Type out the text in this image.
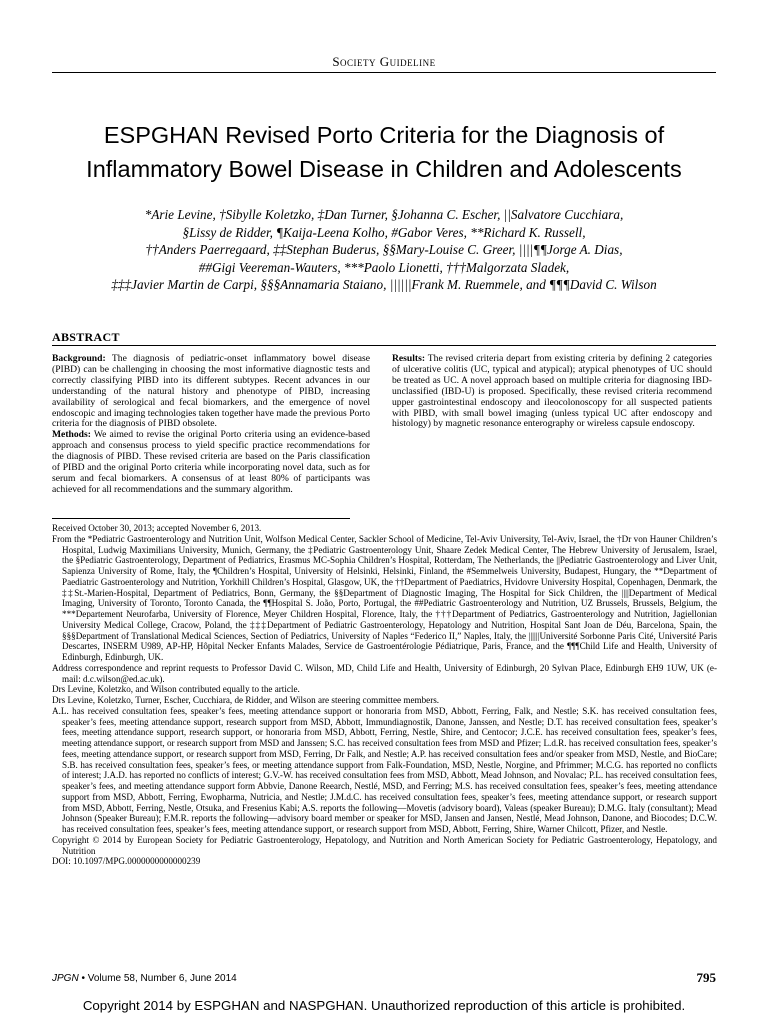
Society Guideline
ESPGHAN Revised Porto Criteria for the Diagnosis of Inflammatory Bowel Disease in Children and Adolescents
*Arie Levine, †Sibylle Koletzko, ‡Dan Turner, §Johanna C. Escher, ||Salvatore Cucchiara,
§Lissy de Ridder, ¶Kaija-Leena Kolho, #Gabor Veres, **Richard K. Russell,
††Anders Paerregaard, ‡‡Stephan Buderus, §§Mary-Louise C. Greer, ||||¶¶Jorge A. Dias,
##Gigi Veereman-Wauters, ***Paolo Lionetti, †††Malgorzata Sladek,
‡‡‡Javier Martin de Carpi, §§§Annamaria Staiano, ||||||Frank M. Ruemmele, and ¶¶¶David C. Wilson
ABSTRACT

Background: The diagnosis of pediatric-onset inflammatory bowel disease (PIBD) can be challenging in choosing the most informative diagnostic tests and correctly classifying PIBD into its different subtypes. Recent advances in our understanding of the natural history and phenotype of PIBD, increasing availability of serological and fecal biomarkers, and the emergence of novel endoscopic and imaging technologies taken together have made the previous Porto criteria for the diagnosis of PIBD obsolete.

Methods: We aimed to revise the original Porto criteria using an evidence-based approach and consensus process to yield specific practice recommendations for the diagnosis of PIBD. These revised criteria are based on the Paris classification of PIBD and the original Porto criteria while incorporating novel data, such as for serum and fecal biomarkers. A consensus of at least 80% of participants was achieved for all recommendations and the summary algorithm.

Results: The revised criteria depart from existing criteria by defining 2 categories of ulcerative colitis (UC, typical and atypical); atypical phenotypes of UC should be treated as UC. A novel approach based on multiple criteria for diagnosing IBD-unclassified (IBD-U) is proposed. Specifically, these revised criteria recommend upper gastrointestinal endoscopy and ileocolonoscopy for all suspected patients with PIBD, with small bowel imaging (unless typical UC after endoscopy and histology) by magnetic resonance enterography or wireless capsule endoscopy.

Received October 30, 2013; accepted November 6, 2013.

From the *Pediatric Gastroenterology and Nutrition Unit, Wolfson Medical Center, Sackler School of Medicine, Tel-Aviv University, Tel-Aviv, Israel, the †Dr von Hauner Children’s Hospital, Ludwig Maximilians University, Munich, Germany, the ‡Pediatric Gastroenterology Unit, Shaare Zedek Medical Center, The Hebrew University of Jerusalem, Israel, the §Pediatric Gastroenterology, Department of Pediatrics, Erasmus MC-Sophia Children’s Hospital, Rotterdam, The Netherlands, the ||Pediatric Gastroenterology and Liver Unit, Sapienza University of Rome, Italy, the ¶Children’s Hospital, University of Helsinki, Helsinki, Finland, the #Semmelweis University, Budapest, Hungary, the **Department of Paediatric Gastroenterology and Nutrition, Yorkhill Children’s Hospital, Glasgow, UK, the ††Department of Paediatrics, Hvidovre University Hospital, Copenhagen, Denmark, the ‡‡St.-Marien-Hospital, Department of Pediatrics, Bonn, Germany, the §§Department of Diagnostic Imaging, The Hospital for Sick Children, the ||||Department of Medical Imaging, University of Toronto, Toronto Canada, the ¶¶Hospital S. João, Porto, Portugal, the ##Pediatric Gastroenterology and Nutrition, UZ Brussels, Brussels, Belgium, the ***Departement Neurofarba, University of Florence, Meyer Children Hospital, Florence, Italy, the †††Department of Pediatrics, Gastroenterology and Nutrition, Jagiellonian University Medical College, Cracow, Poland, the ‡‡‡Department of Pediatric Gastroenterology, Hepatology and Nutrition, Hospital Sant Joan de Déu, Barcelona, Spain, the §§§Department of Translational Medical Sciences, Section of Pediatrics, University of Naples “Federico II,” Naples, Italy, the ||||||Université Sorbonne Paris Cité, Université Paris Descartes, INSERM U989, AP-HP, Hôpital Necker Enfants Malades, Service de Gastroentérologie Pédiatrique, Paris, France, and the ¶¶¶Child Life and Health, University of Edinburgh, Edinburgh, UK.

Address correspondence and reprint requests to Professor David C. Wilson, MD, Child Life and Health, University of Edinburgh, 20 Sylvan Place, Edinburgh EH9 1UW, UK (e-mail: d.c.wilson@ed.ac.uk).

Drs Levine, Koletzko, and Wilson contributed equally to the article.

Drs Levine, Koletzko, Turner, Escher, Cucchiara, de Ridder, and Wilson are steering committee members.

A.L. has received consultation fees, speaker’s fees, meeting attendance support or honoraria from MSD, Abbott, Ferring, Falk, and Nestle; S.K. has received consultation fees, speaker’s fees, meeting attendance support, research support from MSD, Abbott, Immundiagnostik, Danone, Janssen, and Nestle; D.T. has received consultation fees, speaker’s fees, meeting attendance support, research support, or honoraria from MSD, Abbott, Ferring, Nestle, Shire, and Centocor; J.C.E. has received consultation fees, speaker’s fees, meeting attendance support, or research support from MSD and Janssen; S.C. has received consultation fees from MSD and Pfizer; L.d.R. has received consultation fees, speaker’s fees, meeting attendance support, or research support from MSD, Ferring, Dr Falk, and Nestle; A.P. has received consultation fees and/or speaker from MSD, Nestle, and BioCare; S.B. has received consultation fees, speaker’s fees, or meeting attendance support from Falk-Foundation, MSD, Nestle, Norgine, and Pfrimmer; M.C.G. has reported no conflicts of interest; J.A.D. has reported no conflicts of interest; G.V.-W. has received consultation fees from MSD, Abbott, Mead Johnson, and Novalac; P.L. has received consultation fees, speaker’s fees, and meeting attendance support form Abbvie, Danone Reearch, Nestlé, MSD, and Ferring; M.S. has received consultation fees, speaker’s fees, meeting attendance support from MSD, Abbott, Ferring, Ewopharma, Nutricia, and Nestle; J.M.d.C. has received consultation fees, speaker’s fees, meeting attendance support, or research support from MSD, Abbott, Ferring, Nestle, Otsuka, and Fresenius Kabi; A.S. reports the following—Movetis (advisory board), Valeas (speaker Bureau); D.M.G. Italy (consultant); Mead Johnson (Speaker Bureau); F.M.R. reports the following—advisory board member or speaker for MSD, Jansen and Jansen, Nestlé, Mead Johnson, Danone, and Biocodes; D.C.W. has received consultation fees, speaker’s fees, meeting attendance support, or research support from MSD, Abbott, Ferring, Shire, Warner Chilcott, Pfizer, and Nestle.

Copyright © 2014 by European Society for Pediatric Gastroenterology, Hepatology, and Nutrition and North American Society for Pediatric Gastroenterology, Hepatology, and Nutrition

DOI: 10.1097/MPG.0000000000000239

JPGN • Volume 58, Number 6, June 2014	795
Copyright 2014 by ESPGHAN and NASPGHAN. Unauthorized reproduction of this article is prohibited.
